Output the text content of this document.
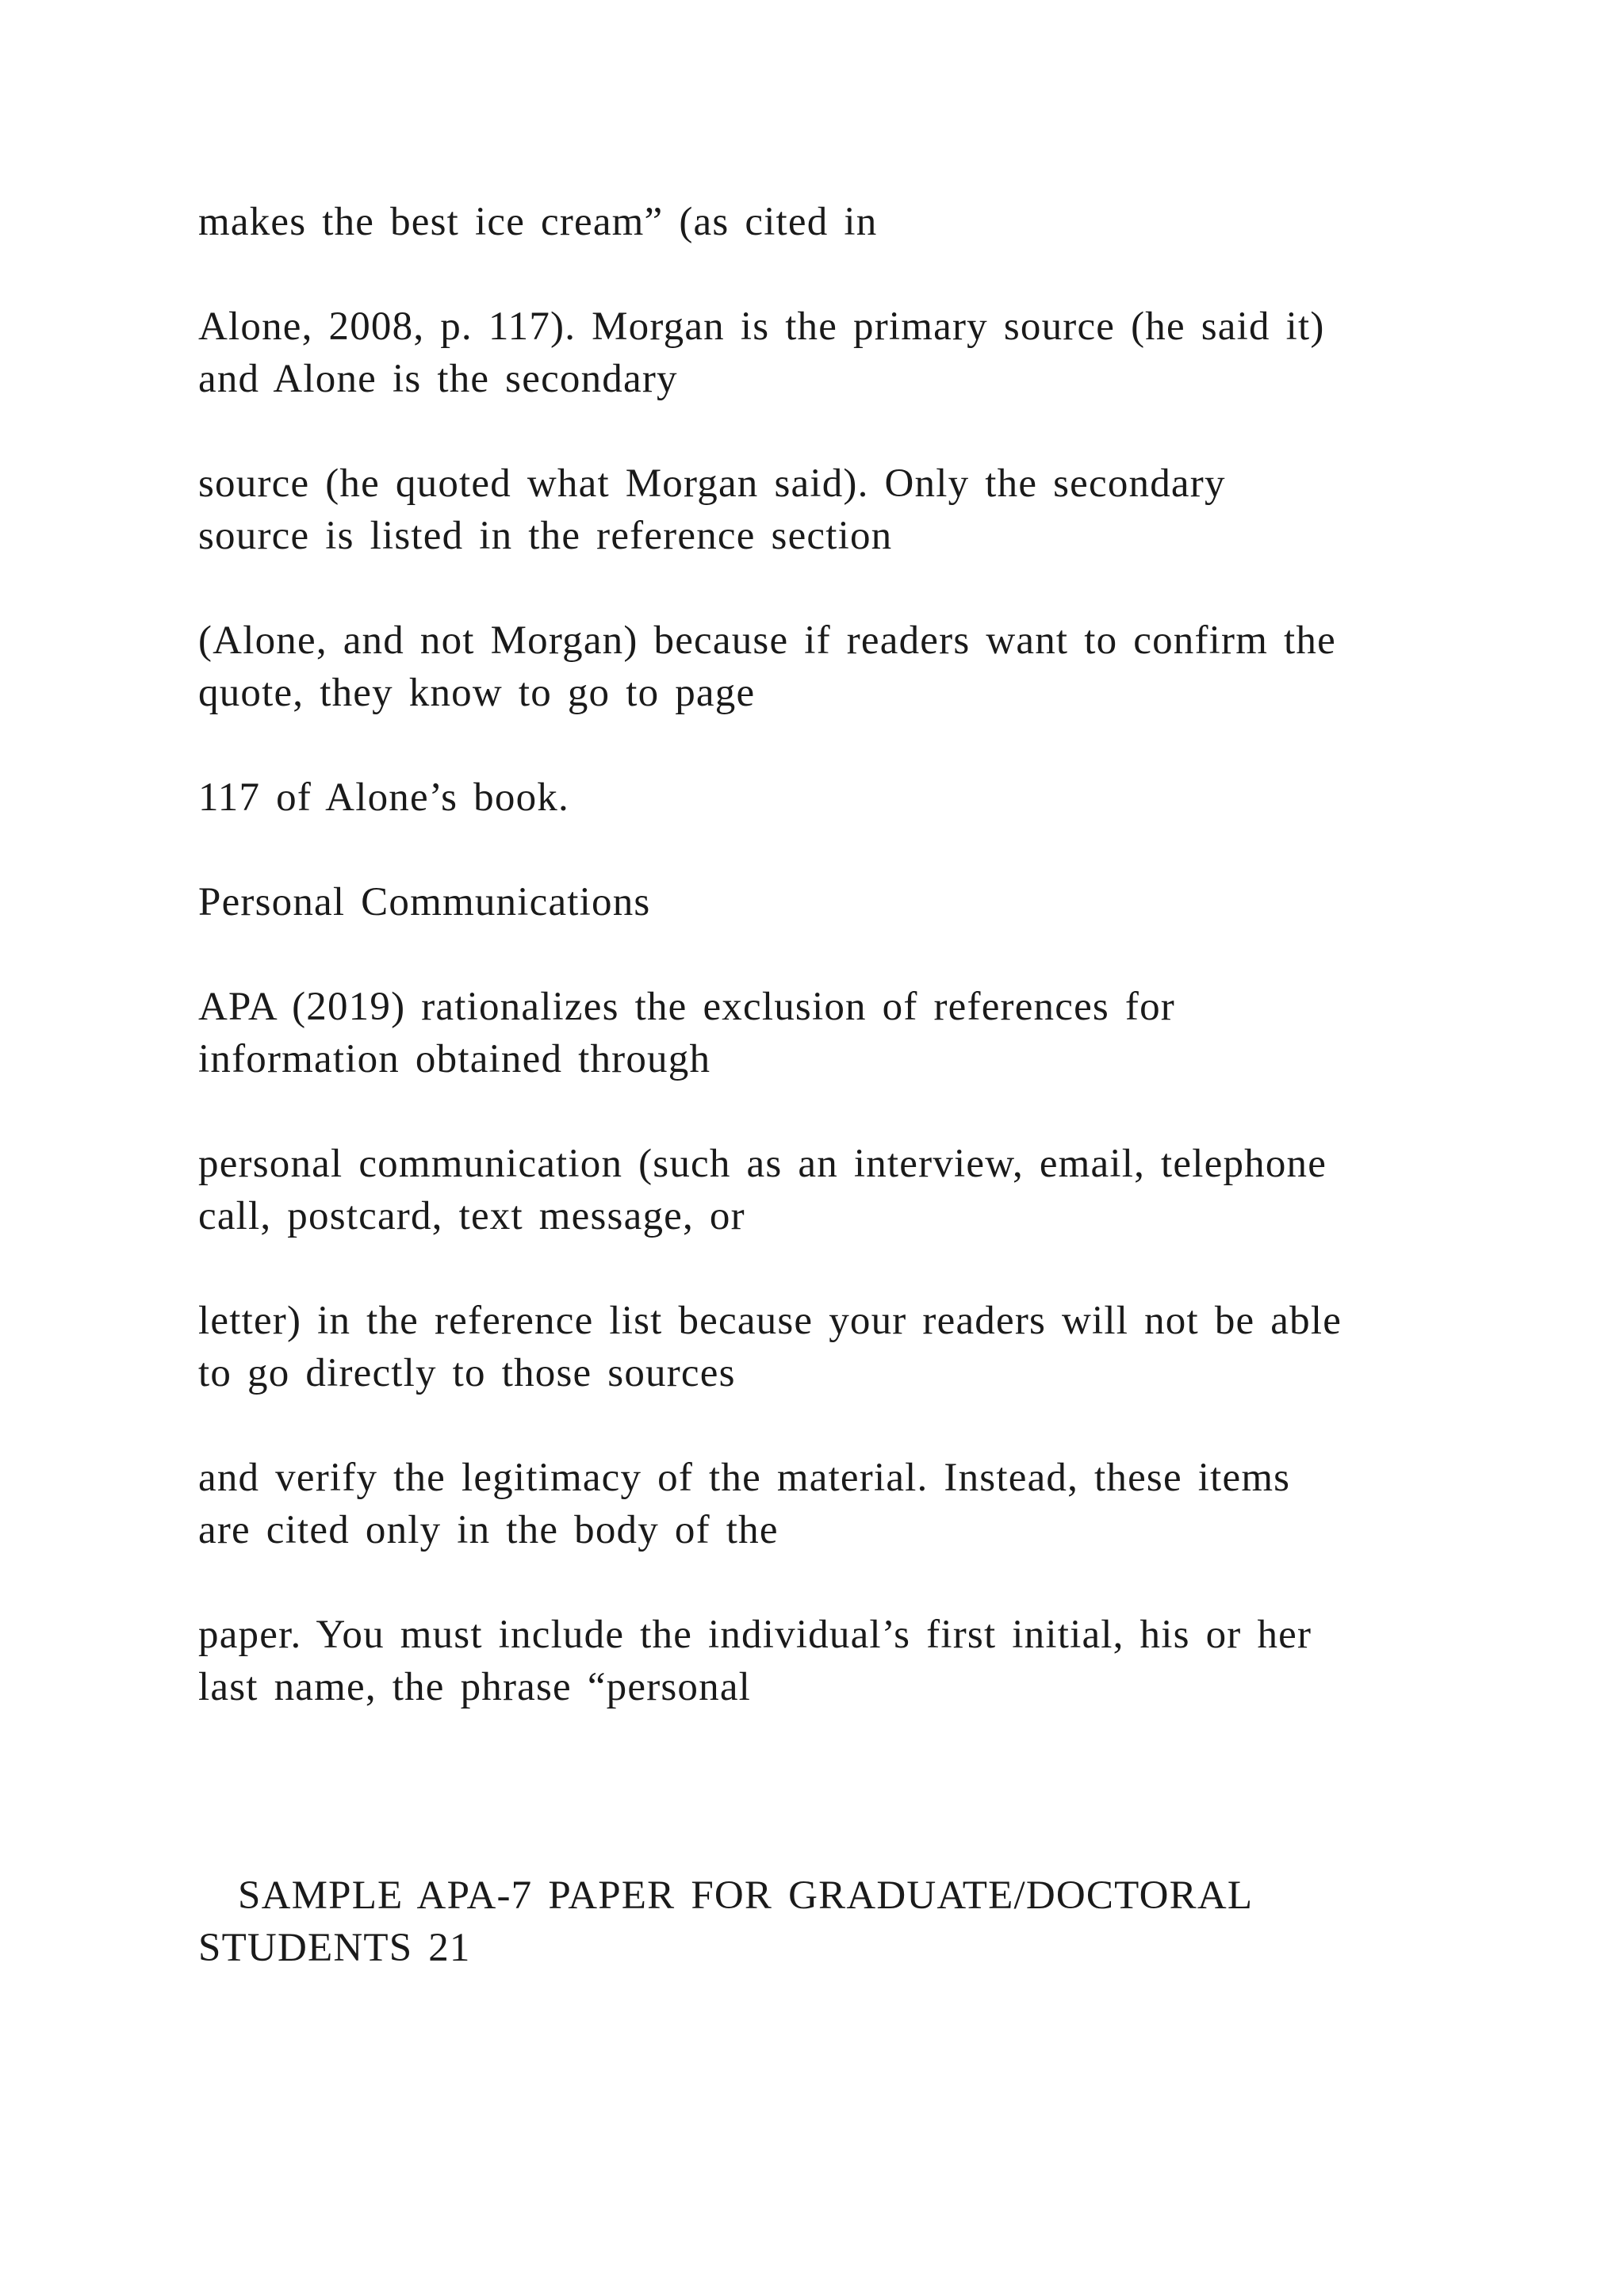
makes the best ice cream” (as cited in
Alone, 2008, p. 117). Morgan is the primary source (he said it)
and Alone is the secondary
source (he quoted what Morgan said). Only the secondary
source is listed in the reference section
(Alone, and not Morgan) because if readers want to confirm the
quote, they know to go to page
117 of Alone’s book.
Personal Communications
APA (2019) rationalizes the exclusion of references for
information obtained through
personal communication (such as an interview, email, telephone
call, postcard, text message, or
letter) in the reference list because your readers will not be able
to go directly to those sources
and verify the legitimacy of the material. Instead, these items
are cited only in the body of the
paper. You must include the individual’s first initial, his or her
last name, the phrase “personal
SAMPLE APA-7 PAPER FOR GRADUATE/DOCTORAL
STUDENTS 21
